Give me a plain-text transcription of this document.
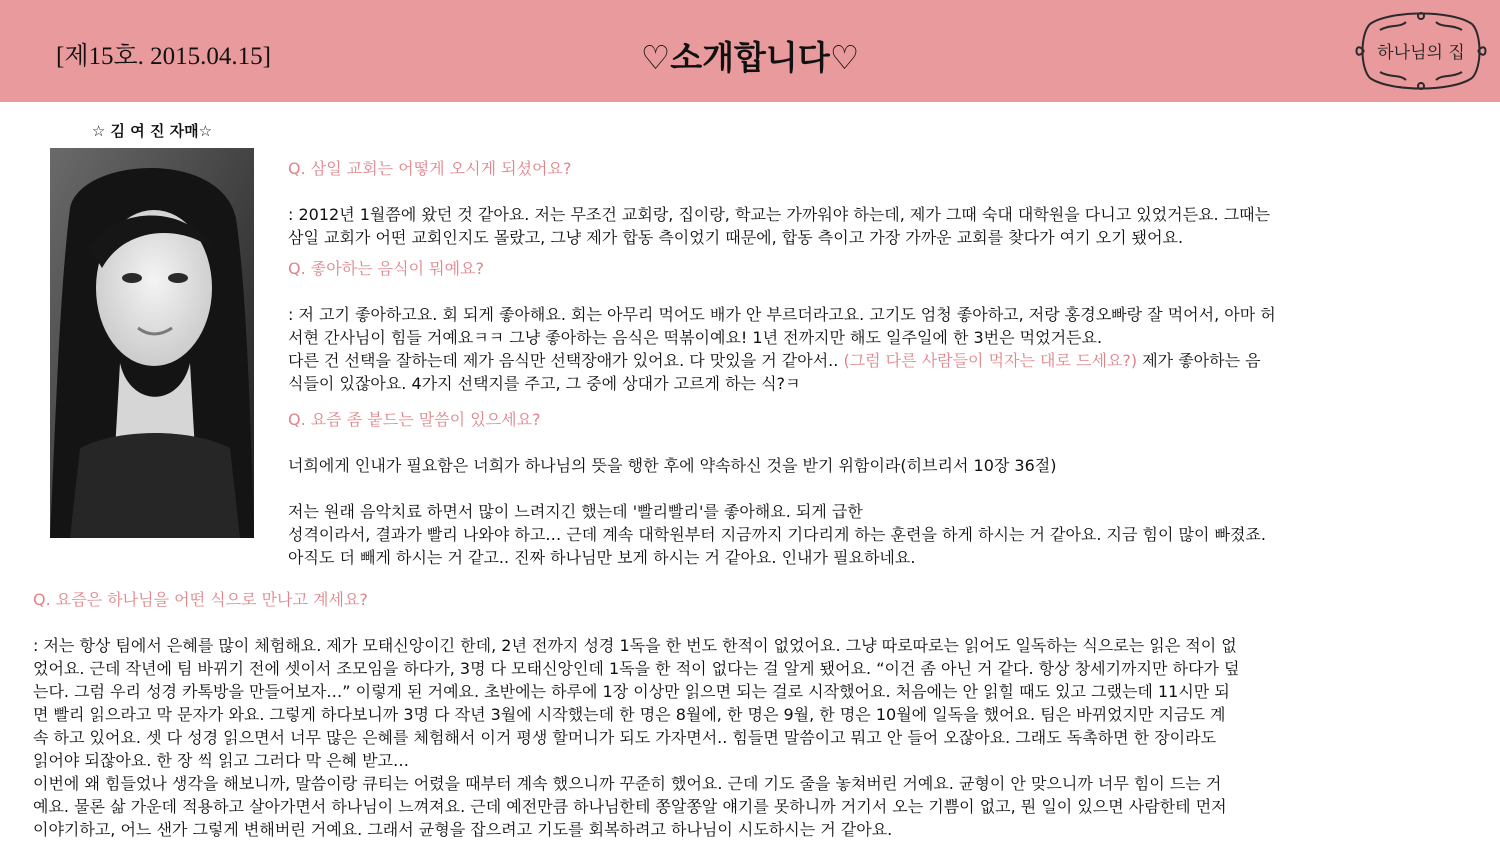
[제15호. 2015.04.15]	♡소개합니다♡	하나님의 집
☆ 김 여 진 자매☆

Q. 삼일 교회는 어떻게 오시게 되셨어요?

: 2012년 1월쯤에 왔던 것 같아요. 저는 무조건 교회랑, 집이랑, 학교는 가까워야 하는데, 제가 그때 숙대 대학원을 다니고 있었거든요. 그때는
삼일 교회가 어떤 교회인지도 몰랐고, 그냥 제가 합동 측이었기 때문에, 합동 측이고 가장 가까운 교회를 찾다가 여기 오기 됐어요.

Q. 좋아하는 음식이 뭐예요?

: 저 고기 좋아하고요. 회 되게 좋아해요. 회는 아무리 먹어도 배가 안 부르더라고요. 고기도 엄청 좋아하고, 저랑 홍경오빠랑 잘 먹어서, 아마 허
서현 간사님이 힘들 거예요ㅋㅋ 그냥 좋아하는 음식은 떡볶이예요! 1년 전까지만 해도 일주일에 한 3번은 먹었거든요.
다른 건 선택을 잘하는데 제가 음식만 선택장애가 있어요. 다 맛있을 거 같아서.. (그럼 다른 사람들이 먹자는 대로 드세요?) 제가 좋아하는 음
식들이 있잖아요. 4가지 선택지를 주고, 그 중에 상대가 고르게 하는 식?ㅋ

Q. 요즘 좀 붙드는 말씀이 있으세요?

너희에게 인내가 필요함은 너희가 하나님의 뜻을 행한 후에 약속하신 것을 받기 위함이라(히브리서 10장 36절)

저는 원래 음악치료 하면서 많이 느려지긴 했는데 '빨리빨리'를 좋아해요. 되게 급한
성격이라서, 결과가 빨리 나와야 하고… 근데 계속 대학원부터 지금까지 기다리게 하는 훈련을 하게 하시는 거 같아요. 지금 힘이 많이 빠졌죠.
아직도 더 빼게 하시는 거 같고.. 진짜 하나님만 보게 하시는 거 같아요. 인내가 필요하네요.

Q. 요즘은 하나님을 어떤 식으로 만나고 계세요?

: 저는 항상 팀에서 은혜를 많이 체험해요. 제가 모태신앙이긴 한데, 2년 전까지 성경 1독을 한 번도 한적이 없었어요. 그냥 따로따로는 읽어도 일독하는 식으로는 읽은 적이 없
었어요. 근데 작년에 팀 바뀌기 전에 셋이서 조모임을 하다가, 3명 다 모태신앙인데 1독을 한 적이 없다는 걸 알게 됐어요. “이건 좀 아닌 거 같다. 항상 창세기까지만 하다가 덮
는다. 그럼 우리 성경 카톡방을 만들어보자…” 이렇게 된 거예요. 초반에는 하루에 1장 이상만 읽으면 되는 걸로 시작했어요. 처음에는 안 읽힐 때도 있고 그랬는데 11시만 되
면 빨리 읽으라고 막 문자가 와요. 그렇게 하다보니까 3명 다 작년 3월에 시작했는데 한 명은 8월에, 한 명은 9월, 한 명은 10월에 일독을 했어요. 팀은 바뀌었지만 지금도 계
속 하고 있어요. 셋 다 성경 읽으면서 너무 많은 은혜를 체험해서 이거 평생 할머니가 되도 가자면서.. 힘들면 말씀이고 뭐고 안 들어 오잖아요. 그래도 독촉하면 한 장이라도
읽어야 되잖아요. 한 장 씩 읽고 그러다 막 은혜 받고…
이번에 왜 힘들었나 생각을 해보니까, 말씀이랑 큐티는 어렸을 때부터 계속 했으니까 꾸준히 했어요. 근데 기도 줄을 놓쳐버린 거예요. 균형이 안 맞으니까 너무 힘이 드는 거
예요. 물론 삶 가운데 적용하고 살아가면서 하나님이 느껴져요. 근데 예전만큼 하나님한테 쫑알쫑알 얘기를 못하니까 거기서 오는 기쁨이 없고, 뭔 일이 있으면 사람한테 먼저
이야기하고, 어느 샌가 그렇게 변해버린 거예요. 그래서 균형을 잡으려고 기도를 회복하려고 하나님이 시도하시는 거 같아요.
